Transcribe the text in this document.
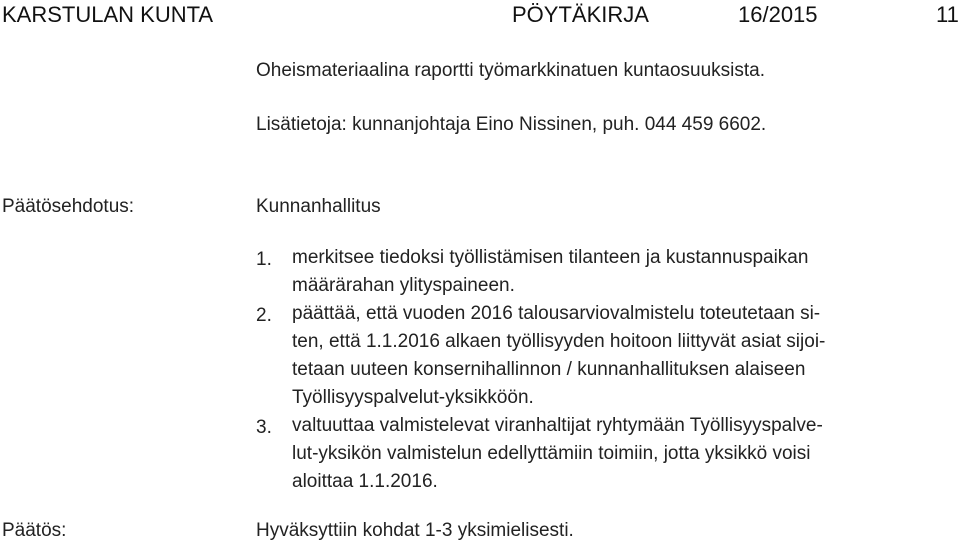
KARSTULAN KUNTA	PÖYTÄKIRJA	16/2015	11
Oheismateriaalina raportti työmarkkinatuen kuntaosuuksista.
Lisätietoja: kunnanjohtaja Eino Nissinen, puh. 044 459 6602.
Päätösehdotus:	Kunnanhallitus
1. merkitsee tiedoksi työllistämisen tilanteen ja kustannuspaikan
määrärahan ylityspaineen.
2. päättää, että vuoden 2016 talousarviovalmistelu toteutetaan si-
ten, että 1.1.2016 alkaen työllisyyden hoitoon liittyvät asiat sijoi-
tetaan uuteen konsernihallinnon / kunnanhallituksen alaiseen
Työllisyyspalvelut-yksikköön.
3. valtuuttaa valmistelevat viranhaltijat ryhtymään Työllisyyspalve-
lut-yksikön valmistelun edellyttämiin toimiin, jotta yksikkö voisi
aloittaa 1.1.2016.
Päätös:	Hyväksyttiin kohdat 1-3 yksimielisesti.
